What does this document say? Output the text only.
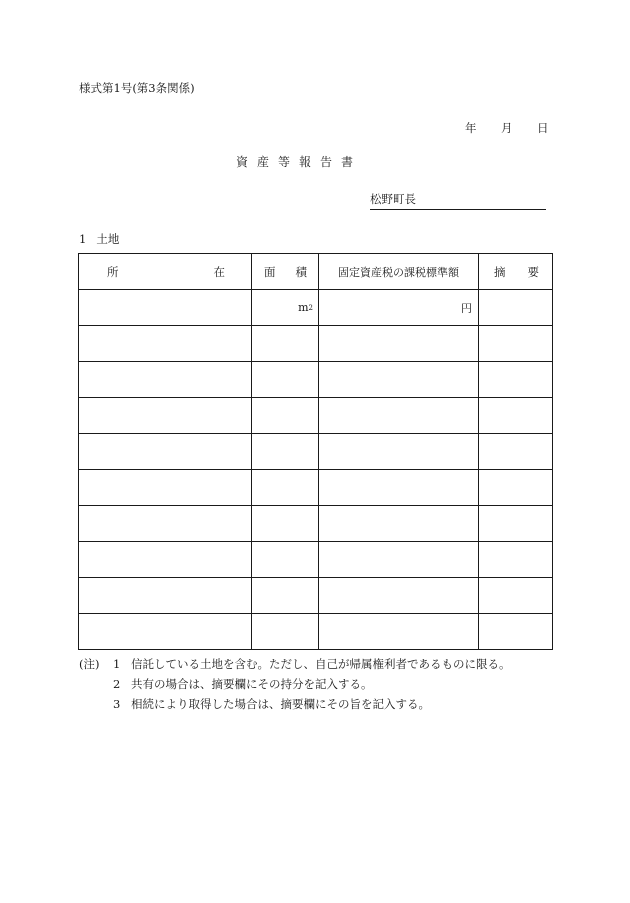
様式第1号(第3条関係)
年 月 日
資産等報告書
松野町長
1 土地
所 在	面 積	固定資産税の課税標準額	摘 要

	m 2	円	

(注)	1 信託している土地を含む。ただし、自己が帰属権利者であるものに限る。
2 共有の場合は、摘要欄にその持分を記入する。
3 相続により取得した場合は、摘要欄にその旨を記入する。
